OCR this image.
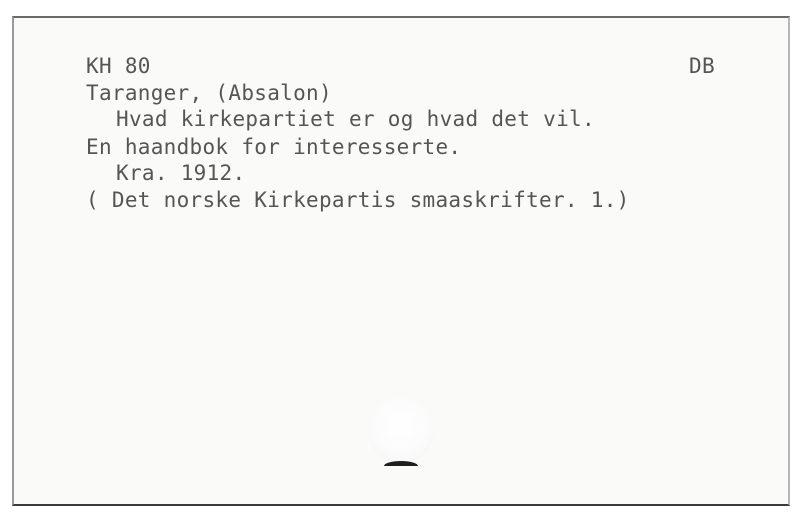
KH 80	DB
Taranger, (Absalon)
Hvad kirkepartiet er og hvad det vil.
En haandbok for interesserte.
Kra. 1912.
( Det norske Kirkepartis smaaskrifter. 1.)
